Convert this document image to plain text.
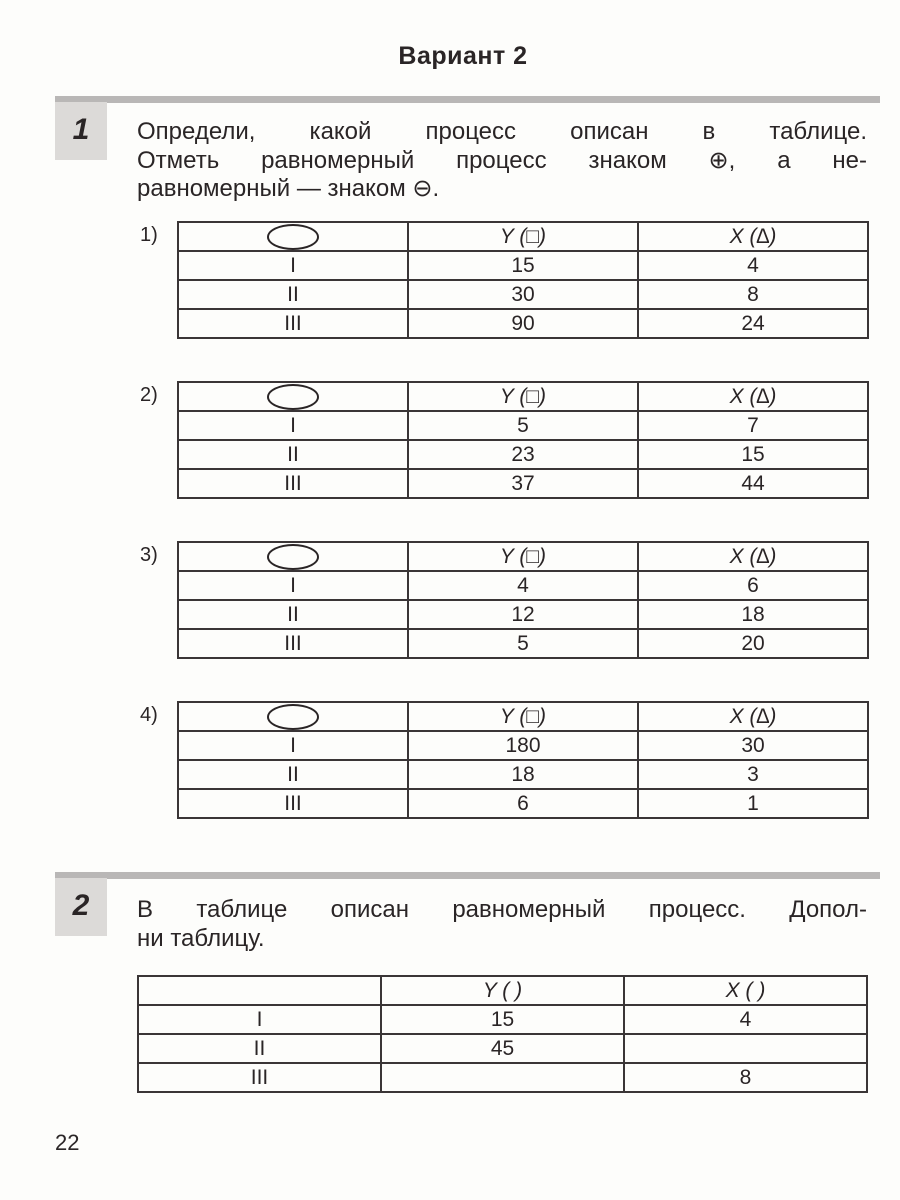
Вариант 2
1	Определи, какой процесс описан в таблице.
Отметь равномерный процесс знаком ⊕, а не-
равномерный — знаком ⊖.
1)
		Y (□)	X (∆)
I	15	4
II	30	8
III	90	24
2)
		Y (□)	X (∆)
I	5	7
II	23	15
III	37	44
3)
		Y (□)	X (∆)
I	4	6
II	12	18
III	5	20
4)
		Y (□)	X (∆)
I	180	30
II	18	3
III	6	1
2	В таблице описан равномерный процесс. Допол-
ни таблицу.
	Y ( )	X ( )
I	15	4
II	45	
III		8
22
